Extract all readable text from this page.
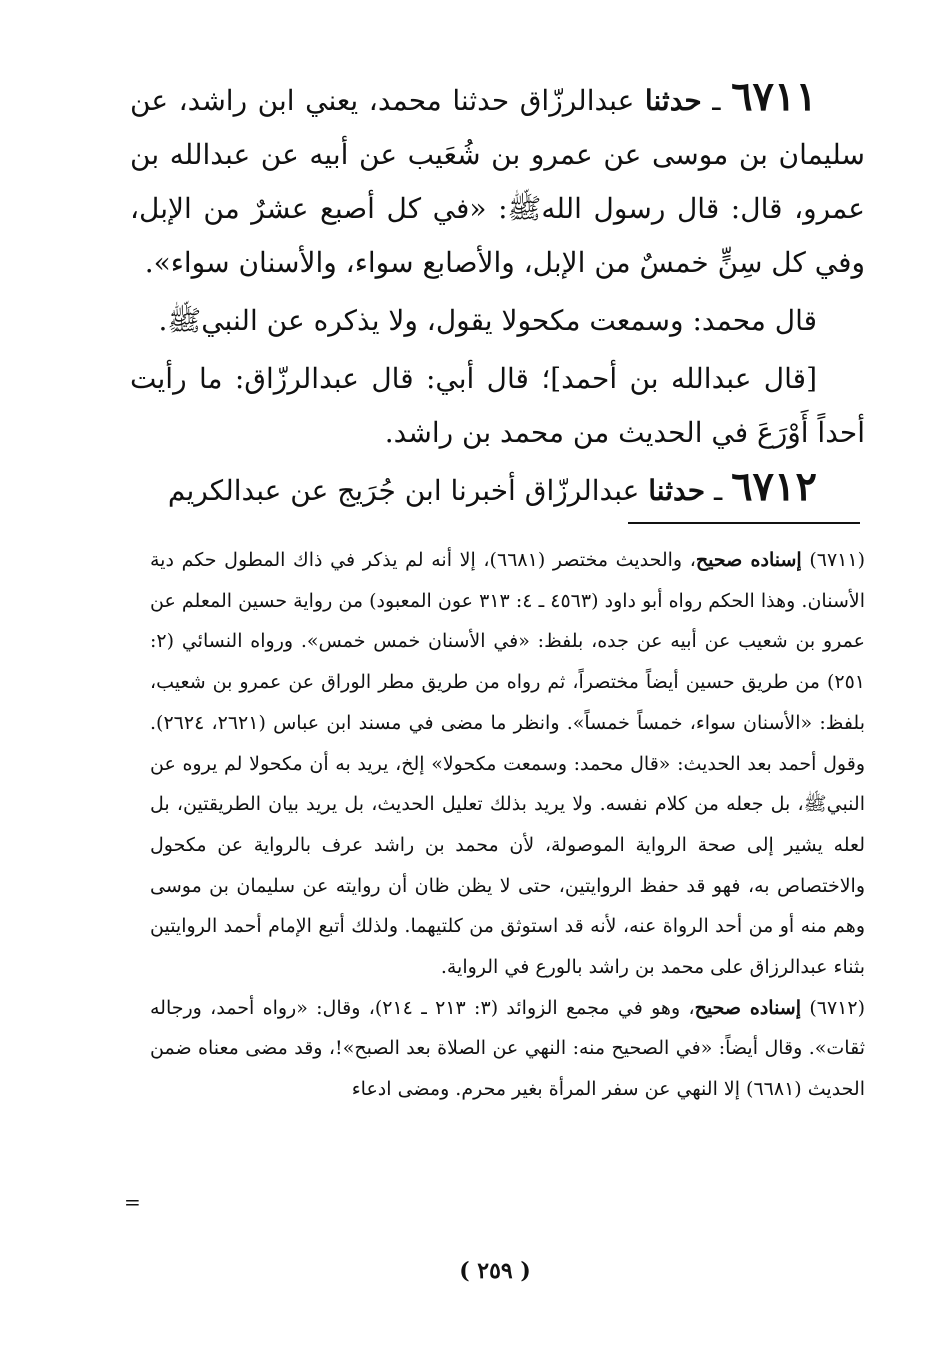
٦٧١١ ـ حدثنا عبدالرزّاق حدثنا محمد، يعني ابن راشد، عن سليمان بن موسى عن عمرو بن شُعَيب عن أبيه عن عبدالله بن عمرو، قال: قال رسول اللهﷺ: «في كل أصبع عشرٌ من الإبل، وفي كل سِنٍّ خمسٌ من الإبل، والأصابع سواء، والأسنان سواء».

قال محمد: وسمعت مكحولا يقول، ولا يذكره عن النبيﷺ.

[قال عبدالله بن أحمد]؛ قال أبي: قال عبدالرزّاق: ما رأيت أحداً أَوْرَعَ في الحديث من محمد بن راشد.

٦٧١٢ ـ حدثنا عبدالرزّاق أخبرنا ابن جُرَيج عن عبدالكريم

(٦٧١١) إسناده صحيح، والحديث مختصر (٦٦٨١)، إلا أنه لم يذكر في ذاك المطول حكم دية الأسنان. وهذا الحكم رواه أبو داود (٤٥٦٣ ـ ٤: ٣١٣ عون المعبود) من رواية حسين المعلم عن عمرو بن شعيب عن أبيه عن جده، بلفظ: «في الأسنان خمس خمس». ورواه النسائي (٢: ٢٥١) من طريق حسين أيضاً مختصراً، ثم رواه من طريق مطر الوراق عن عمرو بن شعيب، بلفظ: «الأسنان سواء، خمساً خمساً». وانظر ما مضى في مسند ابن عباس (٢٦٢١، ٢٦٢٤). وقول أحمد بعد الحديث: «قال محمد: وسمعت مكحولا» إلخ، يريد به أن مكحولا لم يروه عن النبيﷺ، بل جعله من كلام نفسه. ولا يريد بذلك تعليل الحديث، بل يريد بيان الطريقتين، بل لعله يشير إلى صحة الرواية الموصولة، لأن محمد بن راشد عرف بالرواية عن مكحول والاختصاص به، فهو قد حفظ الروايتين، حتى لا يظن ظان أن روايته عن سليمان بن موسى وهم منه أو من أحد الرواة عنه، لأنه قد استوثق من كلتيهما. ولذلك أتبع الإمام أحمد الروايتين بثناء عبدالرزاق على محمد بن راشد بالورع في الرواية.

(٦٧١٢) إسناده صحيح، وهو في مجمع الزوائد (٣: ٢١٣ ـ ٢١٤)، وقال: «رواه أحمد، ورجاله ثقات». وقال أيضاً: «في الصحيح منه: النهي عن الصلاة بعد الصبح»!، وقد مضى معناه ضمن الحديث (٦٦٨١) إلا النهي عن سفر المرأة بغير محرم. ومضى ادعاء

=
( ٢٥٩ )
